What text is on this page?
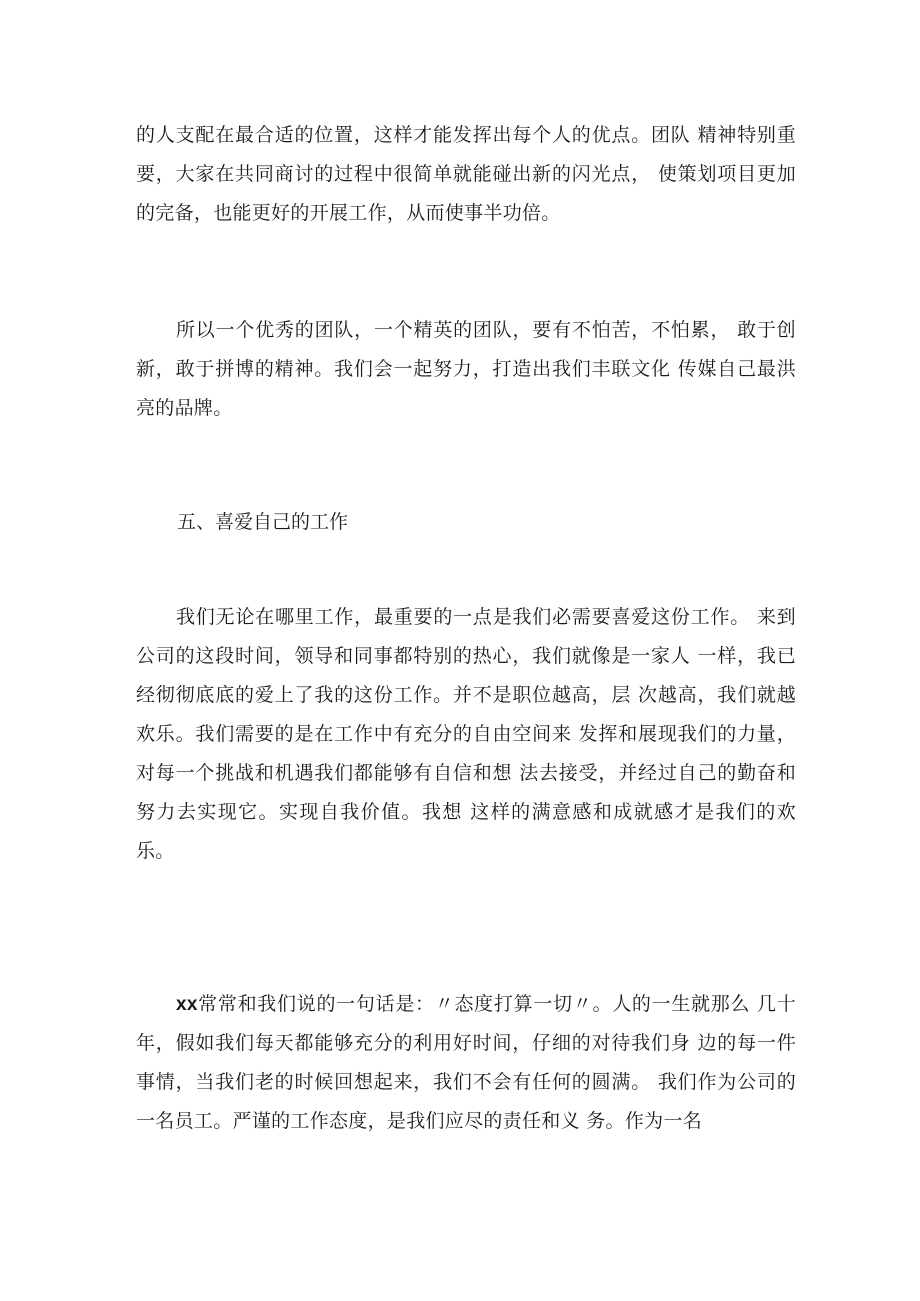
的人支配在最合适的位置，这样才能发挥出每个人的优点。团队 精神特别重要，大家在共同商讨的过程中很简单就能碰出新的闪光点， 使策划项目更加的完备，也能更好的开展工作，从而使事半功倍。

所以一个优秀的团队，一个精英的团队，要有不怕苦，不怕累， 敢于创新，敢于拼博的精神。我们会一起努力，打造出我们丰联文化 传媒自己最洪亮的品牌。

五、喜爱自己的工作

我们无论在哪里工作，最重要的一点是我们必需要喜爱这份工作。 来到公司的这段时间，领导和同事都特别的热心，我们就像是一家人 一样，我已经彻彻底底的爱上了我的这份工作。并不是职位越高，层 次越高，我们就越欢乐。我们需要的是在工作中有充分的自由空间来 发挥和展现我们的力量，对每一个挑战和机遇我们都能够有自信和想 法去接受，并经过自己的勤奋和努力去实现它。实现自我价值。我想 这样的满意感和成就感才是我们的欢乐。

xx常常和我们说的一句话是：〃态度打算一切〃。人的一生就那么 几十年，假如我们每天都能够充分的利用好时间，仔细的对待我们身 边的每一件事情，当我们老的时候回想起来，我们不会有任何的圆满。 我们作为公司的一名员工。严谨的工作态度，是我们应尽的责任和义 务。作为一名
